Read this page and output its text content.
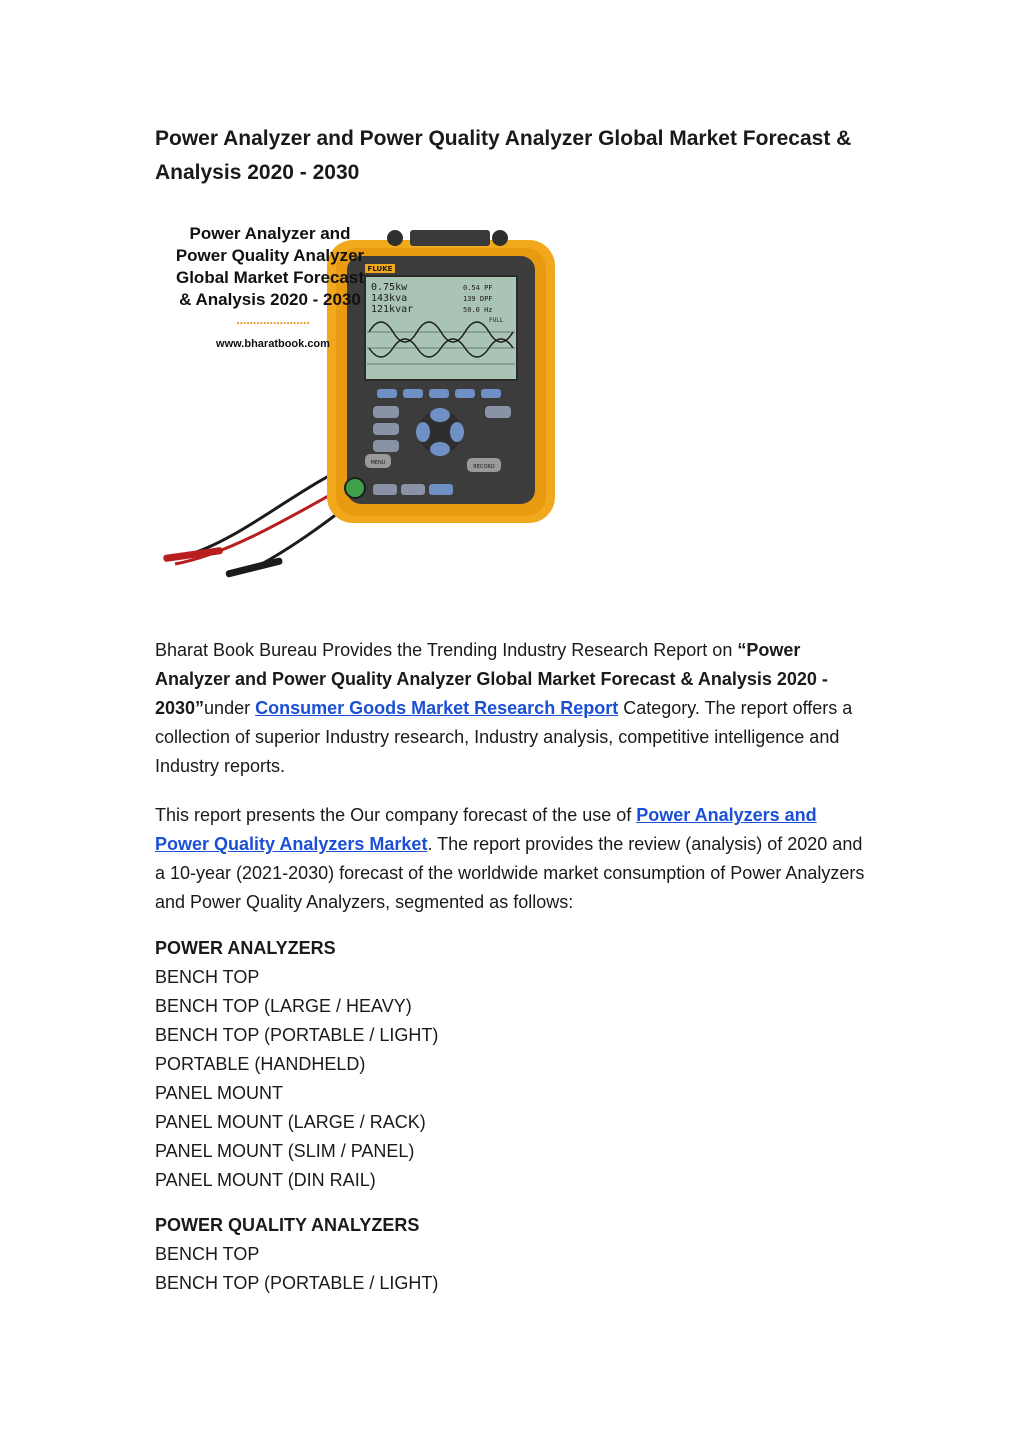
Power Analyzer and Power Quality Analyzer Global Market Forecast & Analysis 2020 - 2030
FLUKE
0.75kw
143kva
121kvar
0.54 PF
139 DPF
50.0 Hz
FULL
MENU
RECORD
Power Analyzer and
Power Quality Analyzer
Global Market Forecast
& Analysis 2020 - 2030
......................
www.bharatbook.com

Bharat Book Bureau Provides the Trending Industry Research Report on “Power Analyzer and Power Quality Analyzer Global Market Forecast & Analysis 2020 - 2030”under Consumer Goods Market Research Report Category. The report offers a collection of superior Industry research, Industry analysis, competitive intelligence and Industry reports.

This report presents the Our company forecast of the use of Power Analyzers and Power Quality Analyzers Market. The report provides the review (analysis) of 2020 and a 10-year (2021-2030) forecast of the worldwide market consumption of Power Analyzers and Power Quality Analyzers, segmented as follows:

POWER ANALYZERS
BENCH TOP
BENCH TOP (LARGE / HEAVY)
BENCH TOP (PORTABLE / LIGHT)
PORTABLE (HANDHELD)
PANEL MOUNT
PANEL MOUNT (LARGE / RACK)
PANEL MOUNT (SLIM / PANEL)
PANEL MOUNT (DIN RAIL)
POWER QUALITY ANALYZERS
BENCH TOP
BENCH TOP (PORTABLE / LIGHT)
